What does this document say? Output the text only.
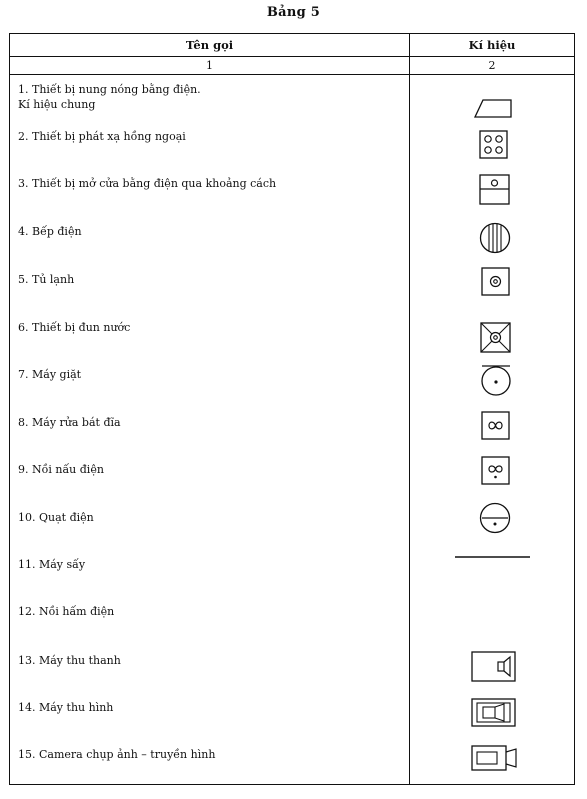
Bảng 5
Tên gọi	Kí hiệu
1	2
1. Thiết bị nung nóng bằng điện.
Kí hiệu chung
2. Thiết bị phát xạ hồng ngoại
3. Thiết bị mở cửa bằng điện qua khoảng cách
4. Bếp điện
5. Tủ lạnh
6. Thiết bị đun nước
7. Máy giặt
8. Máy rửa bát đĩa
9. Nồi nấu điện
10. Quạt điện
11. Máy sấy
12. Nồi hấm điện
13. Máy thu thanh
14. Máy thu hình
15. Camera chụp ảnh – truyền hình
